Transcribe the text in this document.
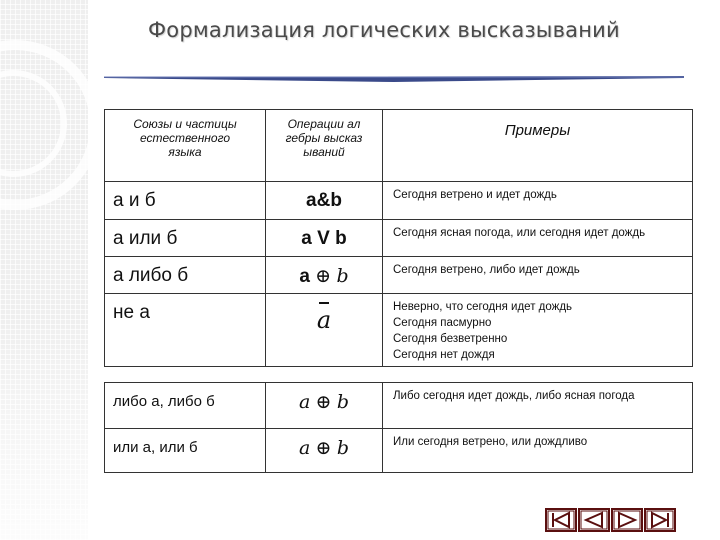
Формализация логических высказываний
Союзы и частицы естественного языка	Операции алгебры высказываний	Примеры
а и б	a&b	Сегодня ветрено и идет дождь

а или б	a V b	Сегодня ясная погода, или сегодня идет дождь

а либо б	a ⊕ b	Сегодня ветрено, либо идет дождь

не а	a	Неверно, что сегодня идет дождь
Сегодня пасмурно
Сегодня безветренно
Сегодня нет дождя
либо а, либо б	a ⊕ b	Либо сегодня идет дождь, либо ясная погода

или а, или б	a ⊕ b	Или сегодня ветрено, или дождливо
